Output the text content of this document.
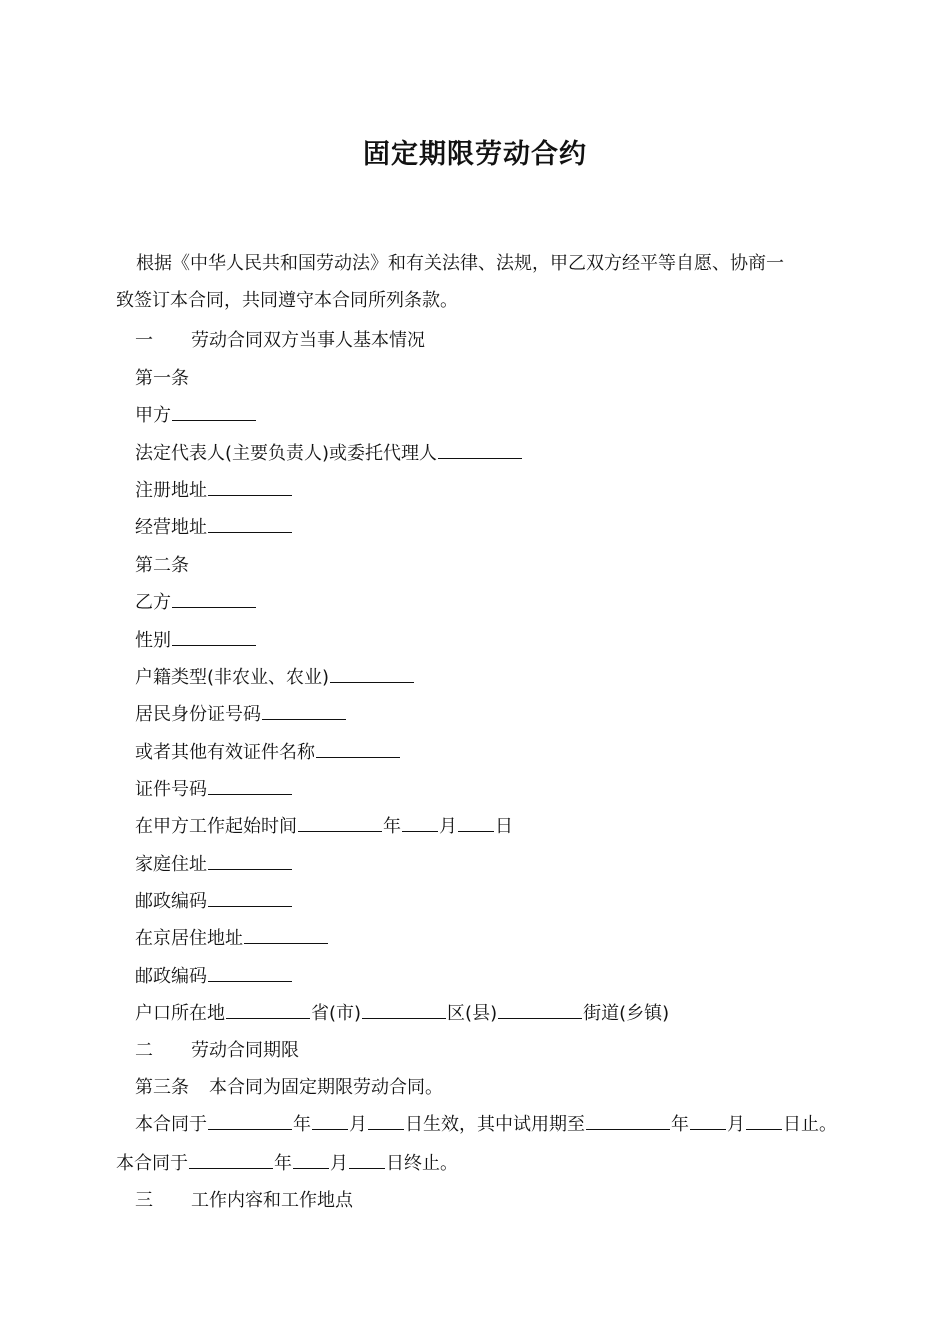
固定期限劳动合约

根据《中华人民共和国劳动法》和有关法律、法规，甲乙双方经平等自愿、协商一

致签订本合同，共同遵守本合同所列条款。

一 劳动合同双方当事人基本情况
第一条
甲方
法定代表人(主要负责人)或委托代理人
注册地址
经营地址
第二条
乙方
性别
户籍类型(非农业、农业)
居民身份证号码
或者其他有效证件名称
证件号码
在甲方工作起始时间	年 月 日
家庭住址
邮政编码
在京居住地址
邮政编码
户口所在地	省(市)	区(县)	街道(乡镇)
二 劳动合同期限
第三条 本合同为固定期限劳动合同。
本合同于	年 月 日生效，其中试用期至	年 月 日止。
本合同于	年 月 日终止。
三 工作内容和工作地点
